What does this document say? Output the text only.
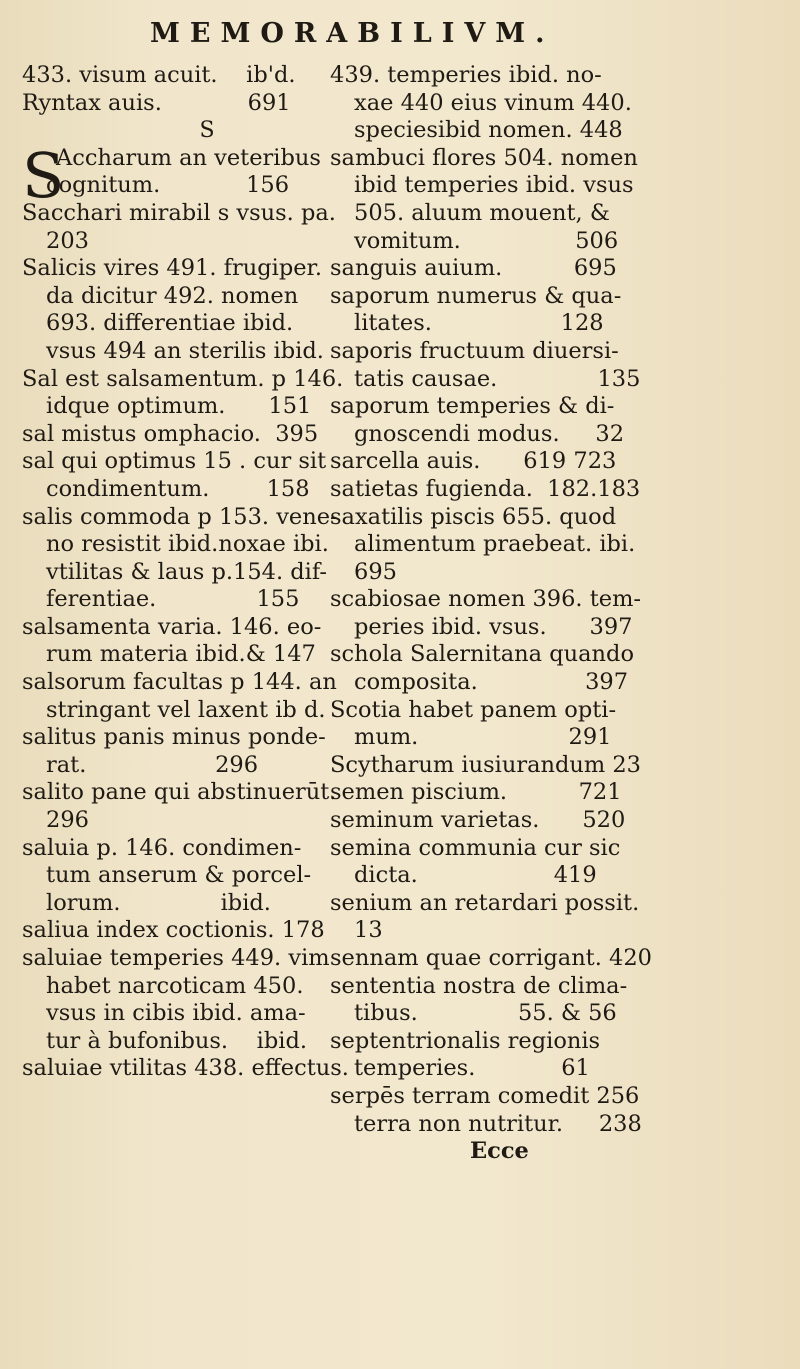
MEMORABILIVM.
433. visum acuit.    ib'd.
Ryntax auis.            691
S
S
Accharum an veteribus
cognitum.            156
Sacchari mirabil s vsus. pa.
203
Salicis vires 491. frugiper.
da dicitur 492. nomen
693. differentiae ibid.
vsus 494 an sterilis ibid.
Sal est salsamentum. p 146.
idque optimum.      151
sal mistus omphacio.  395
sal qui optimus 15 . cur sit
condimentum.        158
salis commoda p 153. vene-
no resistit ibid.noxae ibi.
vtilitas & laus p.154. dif-
ferentiae.              155
salsamenta varia. 146. eo-
rum materia ibid.& 147
salsorum facultas p 144. an
stringant vel laxent ib d.
salitus panis minus ponde-
rat.                  296
salito pane qui abstinuerūt.
296
saluia p. 146. condimen-
tum anserum & porcel-
lorum.              ibid.
saliua index coctionis. 178
saluiae temperies 449. vim
habet narcoticam 450.
vsus in cibis ibid. ama-
tur à bufonibus.    ibid.
saluiae vtilitas 438. effectus.
439. temperies ibid. no-
xae 440 eius vinum 440.
speciesibid nomen. 448
sambuci flores 504. nomen
ibid temperies ibid. vsus
505. aluum mouent, &
vomitum.                506
sanguis auium.          695
saporum numerus & qua-
litates.                  128
saporis fructuum diuersi-
tatis causae.              135
saporum temperies & di-
gnoscendi modus.     32
sarcella auis.      619 723
satietas fugienda.  182.183
saxatilis piscis 655. quod
alimentum praebeat. ibi.
695
scabiosae nomen 396. tem-
peries ibid. vsus.      397
schola Salernitana quando
composita.               397
Scotia habet panem opti-
mum.                     291
Scytharum iusiurandum 23
semen piscium.          721
seminum varietas.      520
semina communia cur sic
dicta.                   419
senium an retardari possit.
13
sennam quae corrigant. 420
sententia nostra de clima-
tibus.              55. & 56
septentrionalis regionis
temperies.            61
serpēs terram comedit 256
terra non nutritur.     238
Ecce
